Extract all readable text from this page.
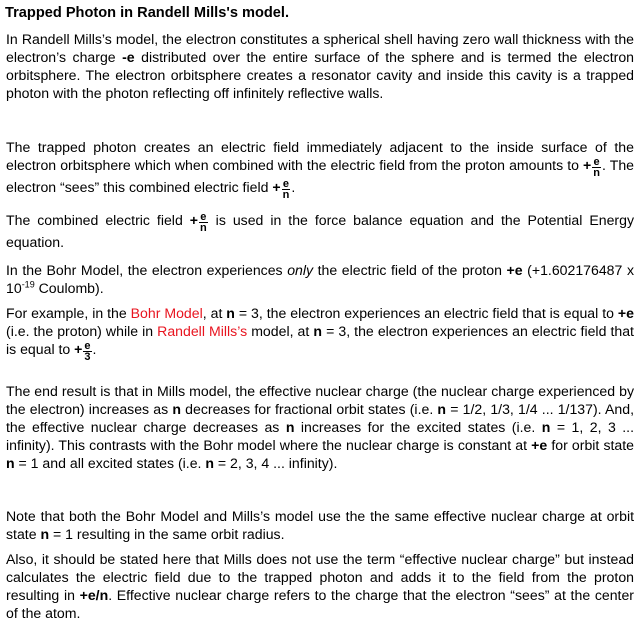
Trapped Photon in Randell Mills's model.

In Randell Mills’s model, the electron constitutes a spherical shell having zero wall thickness with the electron’s charge -e distributed over the entire surface of the sphere and is termed the electron orbitsphere. The electron orbitsphere creates a resonator cavity and inside this cavity is a trapped photon with the photon reflecting off infinitely reflective walls.

The trapped photon creates an electric field immediately adjacent to the inside surface of the electron orbitsphere which when combined with the electric field from the proton amounts to + $\frac{e}{n}$ . The electron “sees” this combined electric field + $\frac{e}{n}$ .

The combined electric field + $\frac{e}{n}$ is used in the force balance equation and the Potential Energy equation.

In the Bohr Model, the electron experiences only the electric field of the proton +e (+1.602176487 x $10^{-19}$ Coulomb).

For example, in the Bohr Model, at n = 3, the electron experiences an electric field that is equal to +e (i.e. the proton) while in Randell Mills’s model, at n = 3, the electron experiences an electric field that is equal to + $\frac{e}{3}$ .

The end result is that in Mills model, the effective nuclear charge (the nuclear charge experienced by the electron) increases as n decreases for fractional orbit states (i.e. n = 1/2, 1/3, 1/4 ... 1/137). And, the effective nuclear charge decreases as n increases for the excited states (i.e. n = 1, 2, 3 ... infinity). This contrasts with the Bohr model where the nuclear charge is constant at +e for orbit state n = 1 and all excited states (i.e. n = 2, 3, 4 ... infinity).

Note that both the Bohr Model and Mills’s model use the the same effective nuclear charge at orbit state n = 1 resulting in the same orbit radius.

Also, it should be stated here that Mills does not use the term “effective nuclear charge” but instead calculates the electric field due to the trapped photon and adds it to the field from the proton resulting in +e/n. Effective nuclear charge refers to the charge that the electron “sees” at the center of the atom.
